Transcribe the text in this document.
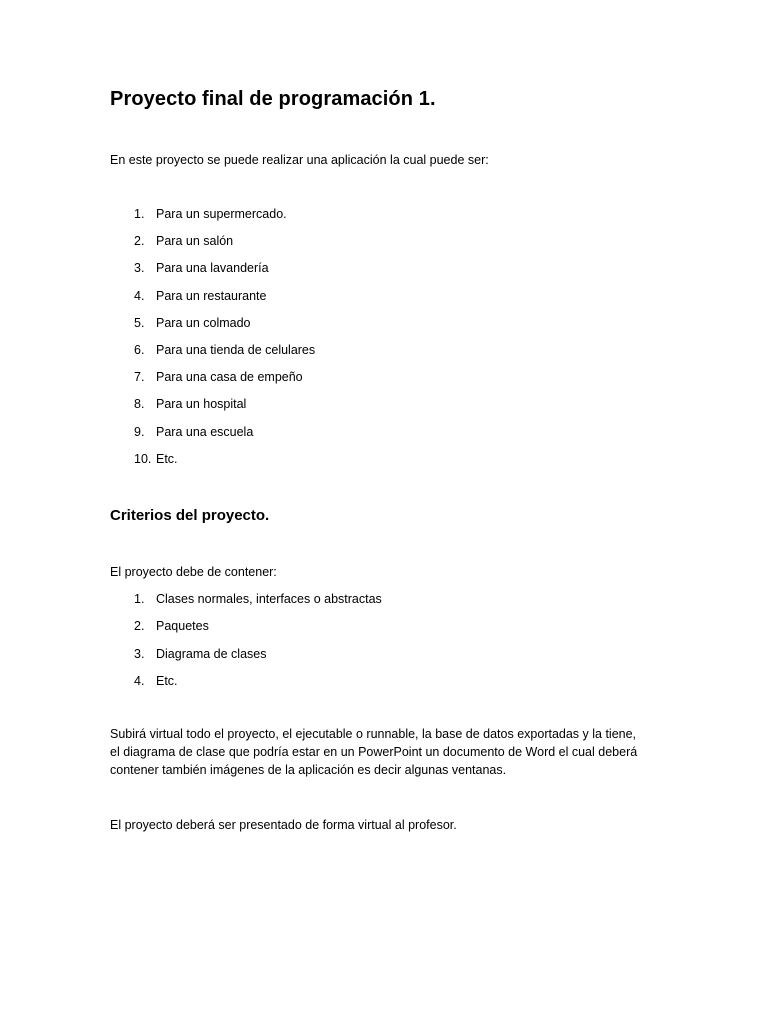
Proyecto final de programación 1.
En este proyecto se puede realizar una aplicación la cual puede ser:
1. Para un supermercado.
2. Para un salón
3. Para una lavandería
4. Para un restaurante
5. Para un colmado
6. Para una tienda de celulares
7. Para una casa de empeño
8. Para un hospital
9. Para una escuela
10. Etc.
Criterios del proyecto.
El proyecto debe de contener:
1. Clases normales, interfaces o abstractas
2. Paquetes
3. Diagrama de clases
4. Etc.
Subirá virtual todo el proyecto, el ejecutable o runnable, la base de datos exportadas y la tiene,
el diagrama de clase que podría estar en un PowerPoint un documento de Word el cual deberá
contener también imágenes de la aplicación es decir algunas ventanas.
El proyecto deberá ser presentado de forma virtual al profesor.
